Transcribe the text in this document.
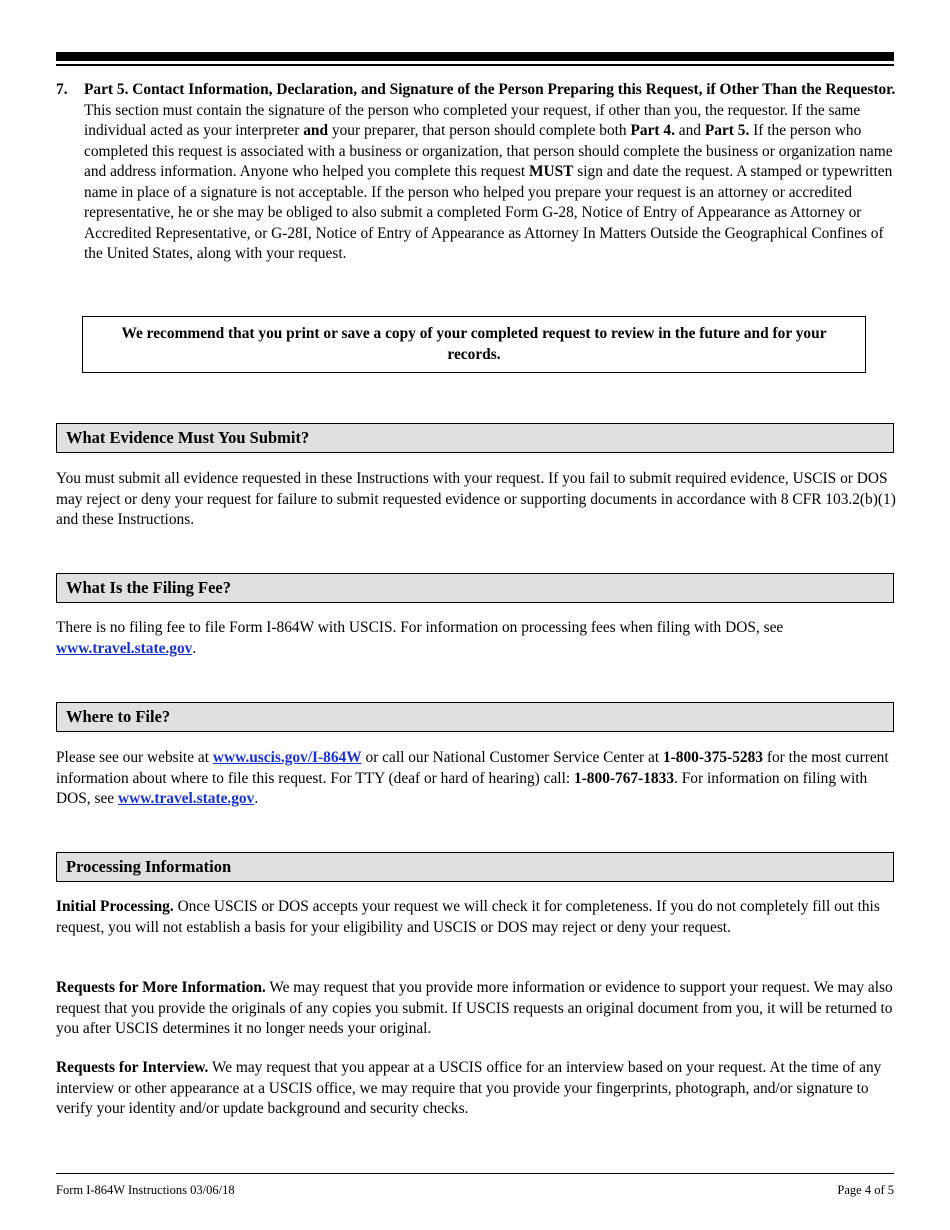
7. Part 5. Contact Information, Declaration, and Signature of the Person Preparing this Request, if Other Than the Requestor. This section must contain the signature of the person who completed your request, if other than you, the requestor. If the same individual acted as your interpreter and your preparer, that person should complete both Part 4. and Part 5. If the person who completed this request is associated with a business or organization, that person should complete the business or organization name and address information. Anyone who helped you complete this request MUST sign and date the request. A stamped or typewritten name in place of a signature is not acceptable. If the person who helped you prepare your request is an attorney or accredited representative, he or she may be obliged to also submit a completed Form G-28, Notice of Entry of Appearance as Attorney or Accredited Representative, or G-28I, Notice of Entry of Appearance as Attorney In Matters Outside the Geographical Confines of the United States, along with your request.
We recommend that you print or save a copy of your completed request to review in the future and for your records.
What Evidence Must You Submit?
You must submit all evidence requested in these Instructions with your request. If you fail to submit required evidence, USCIS or DOS may reject or deny your request for failure to submit requested evidence or supporting documents in accordance with 8 CFR 103.2(b)(1) and these Instructions.
What Is the Filing Fee?
There is no filing fee to file Form I-864W with USCIS. For information on processing fees when filing with DOS, see www.travel.state.gov.
Where to File?
Please see our website at www.uscis.gov/I-864W or call our National Customer Service Center at 1-800-375-5283 for the most current information about where to file this request. For TTY (deaf or hard of hearing) call: 1-800-767-1833. For information on filing with DOS, see www.travel.state.gov.
Processing Information
Initial Processing. Once USCIS or DOS accepts your request we will check it for completeness. If you do not completely fill out this request, you will not establish a basis for your eligibility and USCIS or DOS may reject or deny your request.
Requests for More Information. We may request that you provide more information or evidence to support your request. We may also request that you provide the originals of any copies you submit. If USCIS requests an original document from you, it will be returned to you after USCIS determines it no longer needs your original.
Requests for Interview. We may request that you appear at a USCIS office for an interview based on your request. At the time of any interview or other appearance at a USCIS office, we may require that you provide your fingerprints, photograph, and/or signature to verify your identity and/or update background and security checks.
Form I-864W Instructions 03/06/18	Page 4 of 5
